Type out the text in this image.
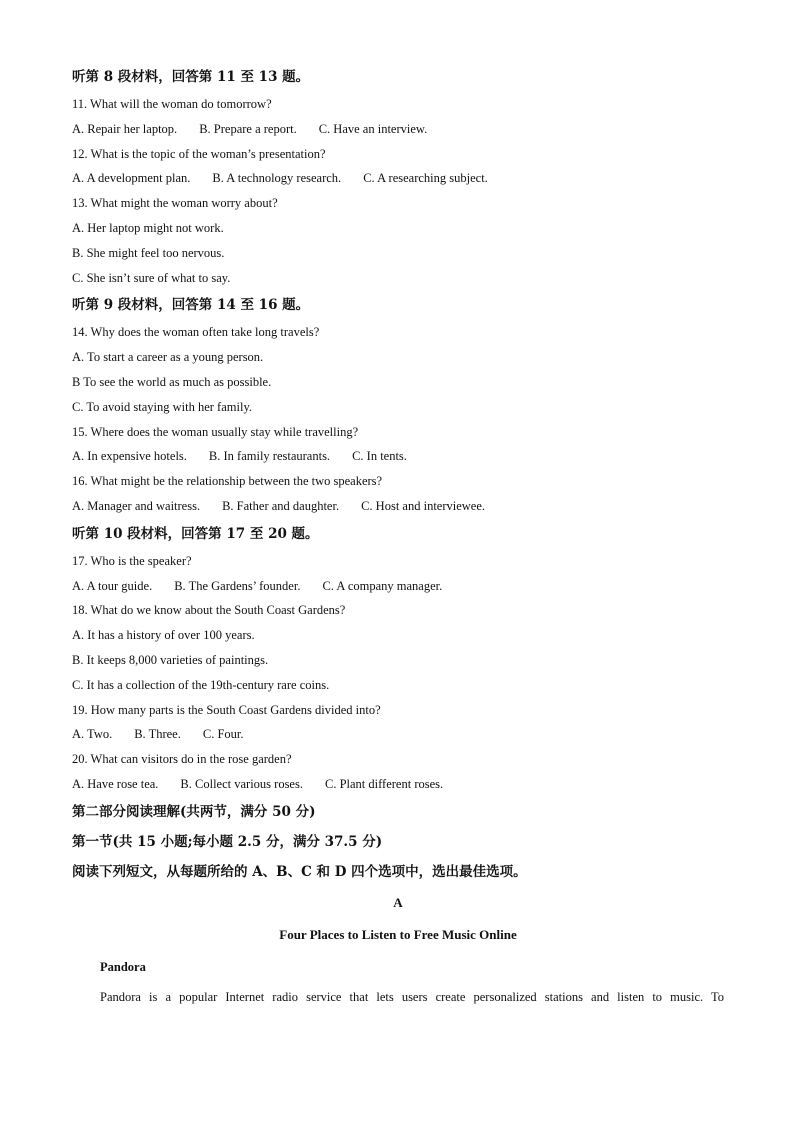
听第 8 段材料，回答第 11 至 13 题。
11. What will the woman do tomorrow?
A. Repair her laptop. B. Prepare a report. C. Have an interview.
12. What is the topic of the woman’s presentation?
A. A development plan. B. A technology research. C. A researching subject.
13. What might the woman worry about?
A. Her laptop might not work.
B. She might feel too nervous.
C. She isn’t sure of what to say.
听第 9 段材料，回答第 14 至 16 题。
14. Why does the woman often take long travels?
A. To start a career as a young person.
B To see the world as much as possible.
C. To avoid staying with her family.
15. Where does the woman usually stay while travelling?
A. In expensive hotels. B. In family restaurants. C. In tents.
16. What might be the relationship between the two speakers?
A. Manager and waitress. B. Father and daughter. C. Host and interviewee.
听第 10 段材料，回答第 17 至 20 题。
17. Who is the speaker?
A. A tour guide. B. The Gardens’ founder. C. A company manager.
18. What do we know about the South Coast Gardens?
A. It has a history of over 100 years.
B. It keeps 8,000 varieties of paintings.
C. It has a collection of the 19th-century rare coins.
19. How many parts is the South Coast Gardens divided into?
A. Two. B. Three. C. Four.
20. What can visitors do in the rose garden?
A. Have rose tea. B. Collect various roses. C. Plant different roses.
第二部分阅读理解(共两节，满分 50 分)
第一节(共 15 小题;每小题 2.5 分，满分 37.5 分)
阅读下列短文，从每题所给的 A、B、C 和 D 四个选项中，选出最佳选项。
A
Four Places to Listen to Free Music Online
Pandora
Pandora is a popular Internet radio service that lets users create personalized stations and listen to music. To
